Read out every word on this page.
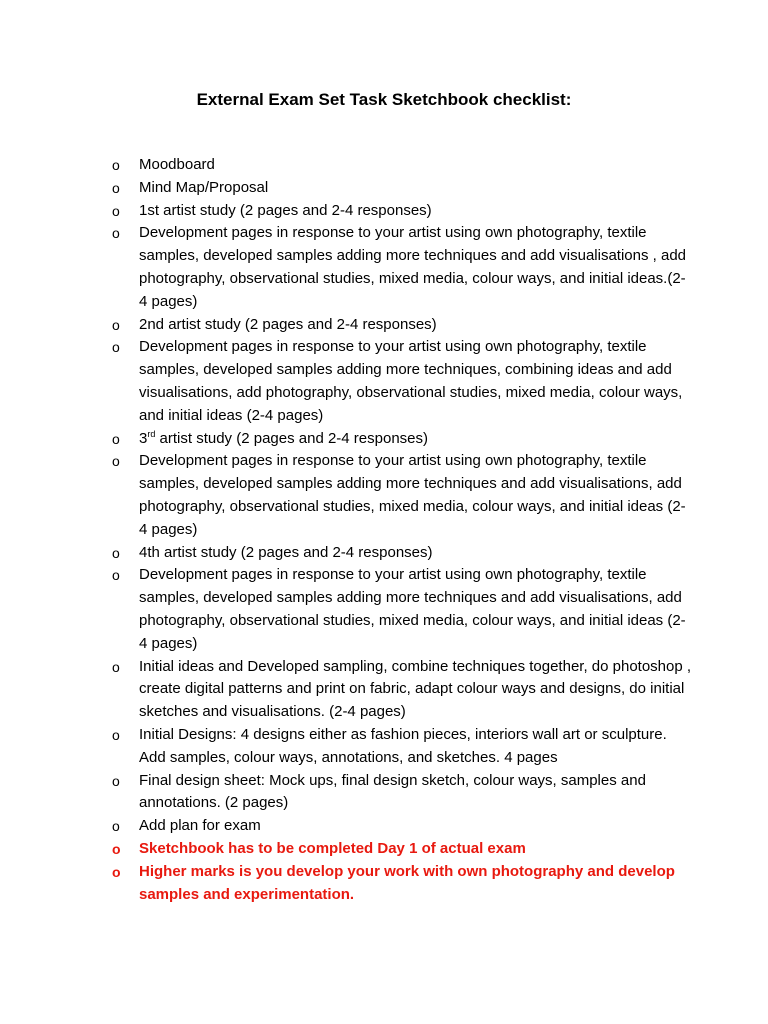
External Exam Set Task Sketchbook checklist:
o Moodboard
o Mind Map/Proposal
o 1st artist study (2 pages and 2-4 responses)
o Development pages in response to your artist using own photography, textile samples, developed samples adding more techniques and add visualisations , add photography, observational studies, mixed media, colour ways, and initial ideas.(2-4 pages)
o 2nd artist study (2 pages and 2-4 responses)
o Development pages in response to your artist using own photography, textile samples, developed samples adding more techniques, combining ideas and add visualisations, add photography, observational studies, mixed media, colour ways, and initial ideas (2-4 pages)
o 3rd artist study (2 pages and 2-4 responses)
o Development pages in response to your artist using own photography, textile samples, developed samples adding more techniques and add visualisations, add photography, observational studies, mixed media, colour ways, and initial ideas (2-4 pages)
o 4th artist study (2 pages and 2-4 responses)
o Development pages in response to your artist using own photography, textile samples, developed samples adding more techniques and add visualisations, add photography, observational studies, mixed media, colour ways, and initial ideas (2-4 pages)
o Initial ideas and Developed sampling, combine techniques together, do photoshop , create digital patterns and print on fabric, adapt colour ways and designs, do initial sketches and visualisations. (2-4 pages)
o Initial Designs: 4 designs either as fashion pieces, interiors wall art or sculpture. Add samples, colour ways, annotations, and sketches. 4 pages
o Final design sheet: Mock ups, final design sketch, colour ways, samples and annotations. (2 pages)
o Add plan for exam
o Sketchbook has to be completed Day 1 of actual exam
o Higher marks is you develop your work with own photography and develop samples and experimentation.
